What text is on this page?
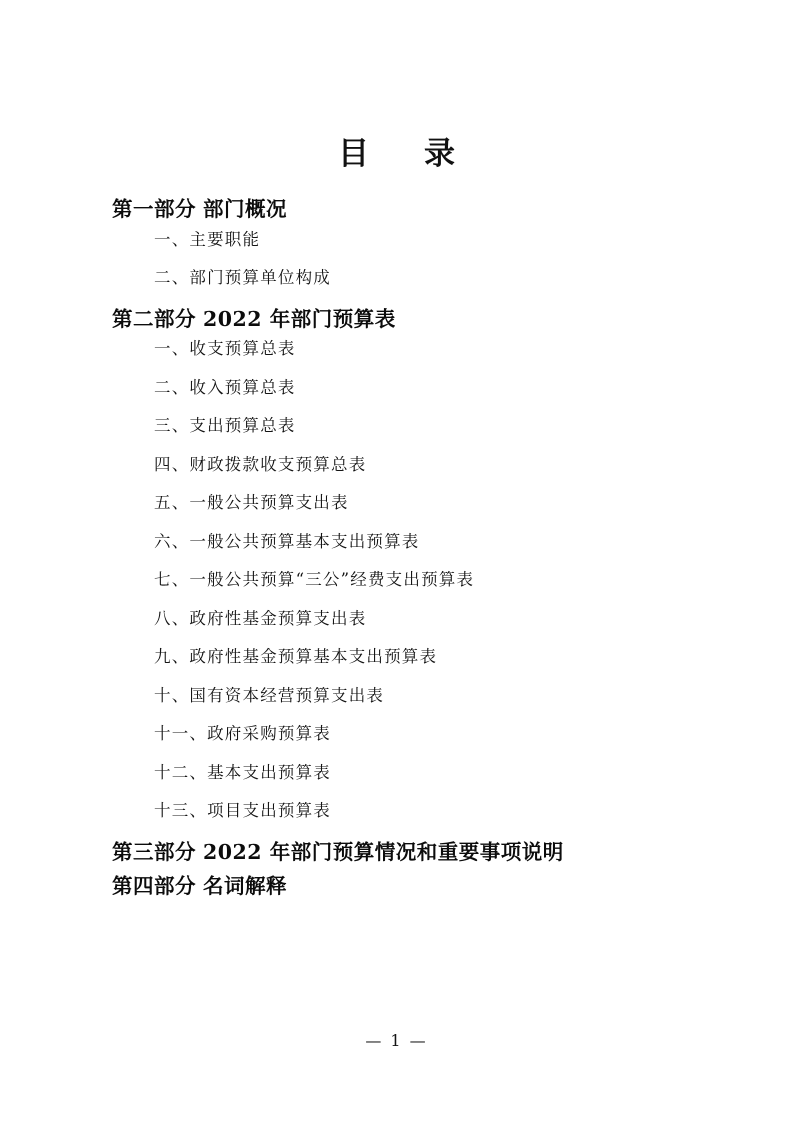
目　录

第一部分 部门概况

一、主要职能

二、部门预算单位构成

第二部分 2022 年部门预算表

一、收支预算总表

二、收入预算总表

三、支出预算总表

四、财政拨款收支预算总表

五、一般公共预算支出表

六、一般公共预算基本支出预算表

七、一般公共预算“三公”经费支出预算表

八、政府性基金预算支出表

九、政府性基金预算基本支出预算表

十、国有资本经营预算支出表

十一、政府采购预算表

十二、基本支出预算表

十三、项目支出预算表

第三部分 2022 年部门预算情况和重要事项说明

第四部分 名词解释

— 1 —
